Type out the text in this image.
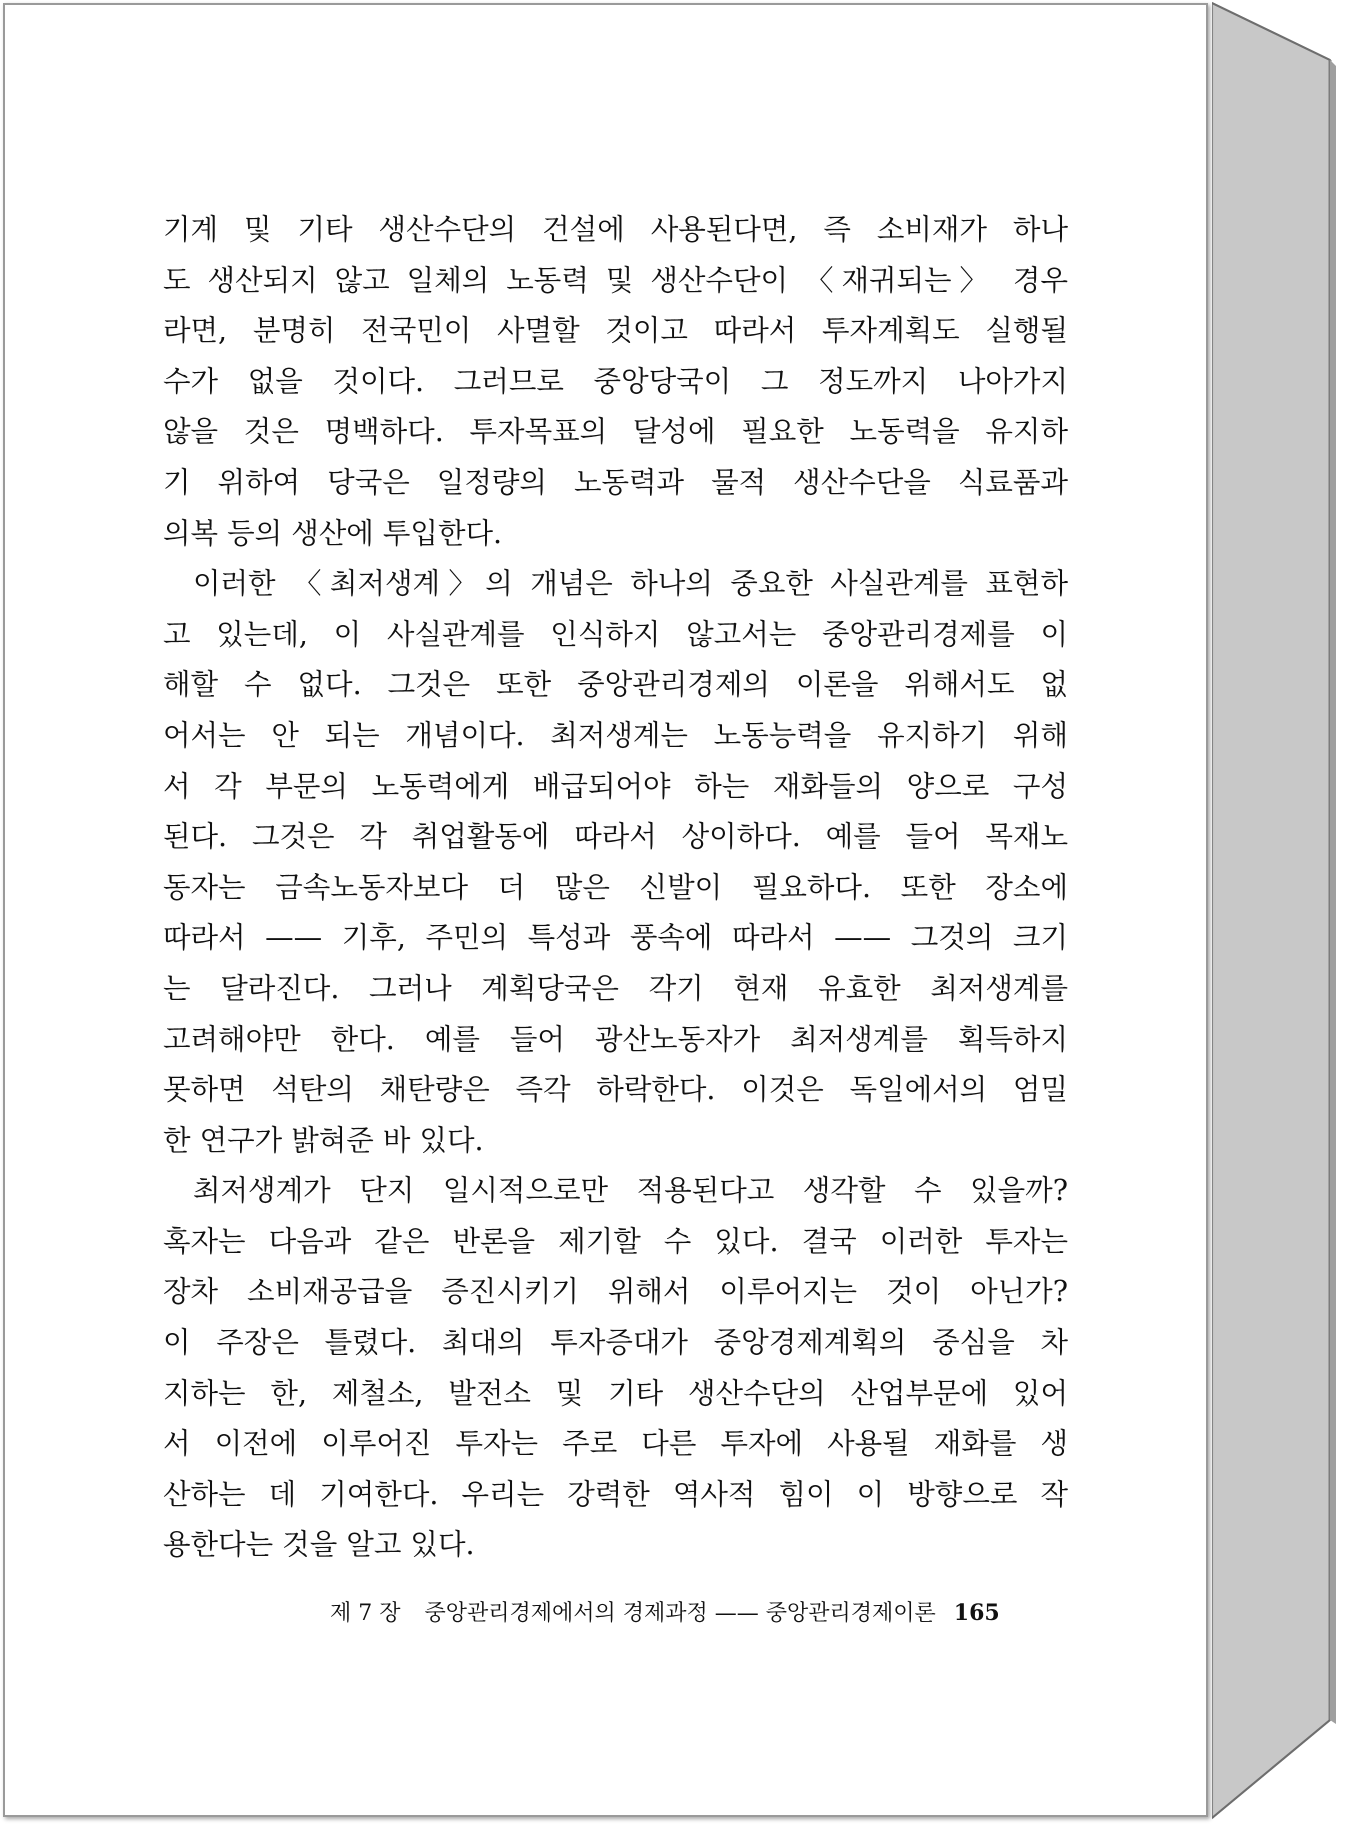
기계 및 기타 생산수단의 건설에 사용된다면, 즉 소비재가 하나
도 생산되지 않고 일체의 노동력 및 생산수단이 〈재귀되는〉 경우
라면, 분명히 전국민이 사멸할 것이고 따라서 투자계획도 실행될
수가 없을 것이다. 그러므로 중앙당국이 그 정도까지 나아가지
않을 것은 명백하다. 투자목표의 달성에 필요한 노동력을 유지하
기 위하여 당국은 일정량의 노동력과 물적 생산수단을 식료품과
의복 등의 생산에 투입한다.

이러한 〈최저생계〉의 개념은 하나의 중요한 사실관계를 표현하
고 있는데, 이 사실관계를 인식하지 않고서는 중앙관리경제를 이
해할 수 없다. 그것은 또한 중앙관리경제의 이론을 위해서도 없
어서는 안 되는 개념이다. 최저생계는 노동능력을 유지하기 위해
서 각 부문의 노동력에게 배급되어야 하는 재화들의 양으로 구성
된다. 그것은 각 취업활동에 따라서 상이하다. 예를 들어 목재노
동자는 금속노동자보다 더 많은 신발이 필요하다. 또한 장소에
따라서 —— 기후, 주민의 특성과 풍속에 따라서 —— 그것의 크기
는 달라진다. 그러나 계획당국은 각기 현재 유효한 최저생계를
고려해야만 한다. 예를 들어 광산노동자가 최저생계를 획득하지
못하면 석탄의 채탄량은 즉각 하락한다. 이것은 독일에서의 엄밀
한 연구가 밝혀준 바 있다.

최저생계가 단지 일시적으로만 적용된다고 생각할 수 있을까?
혹자는 다음과 같은 반론을 제기할 수 있다. 결국 이러한 투자는
장차 소비재공급을 증진시키기 위해서 이루어지는 것이 아닌가?
이 주장은 틀렸다. 최대의 투자증대가 중앙경제계획의 중심을 차
지하는 한, 제철소, 발전소 및 기타 생산수단의 산업부문에 있어
서 이전에 이루어진 투자는 주로 다른 투자에 사용될 재화를 생
산하는 데 기여한다. 우리는 강력한 역사적 힘이 이 방향으로 작
용한다는 것을 알고 있다.

제 7 장 중앙관리경제에서의 경제과정 —— 중앙관리경제이론 165
